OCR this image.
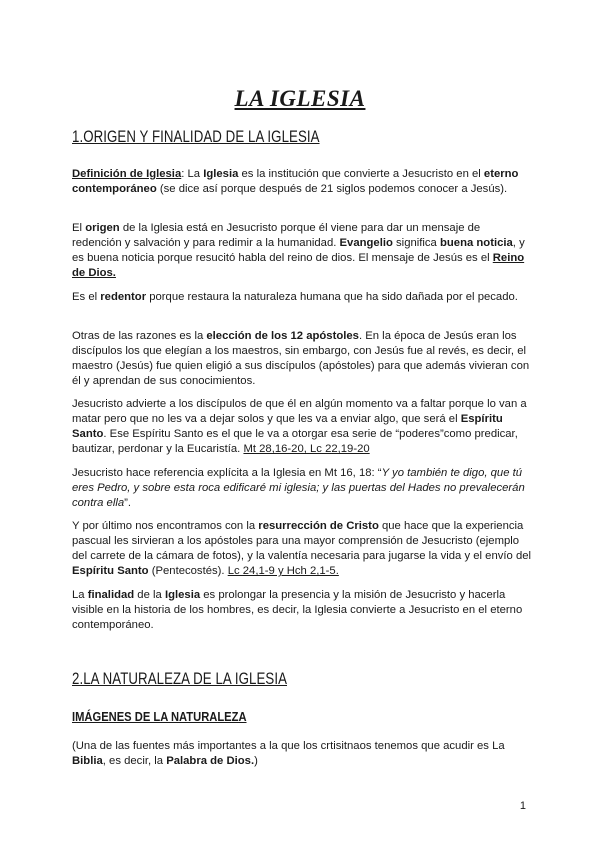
LA IGLESIA
1.ORIGEN Y FINALIDAD DE LA IGLESIA
Definición de Iglesia: La Iglesia es la institución que convierte a Jesucristo en el eterno contemporáneo (se dice así porque después de 21 siglos podemos conocer a Jesús).
El origen de la Iglesia está en Jesucristo porque él viene para dar un mensaje de redención y salvación y para redimir a la humanidad. Evangelio significa buena noticia, y es buena noticia porque resucitó habla del reino de dios. El mensaje de Jesús es el Reino de Dios.
Es el redentor porque restaura la naturaleza humana que ha sido dañada por el pecado.
Otras de las razones es la elección de los 12 apóstoles. En la época de Jesús eran los discípulos los que elegían a los maestros, sin embargo, con Jesús fue al revés, es decir, el maestro (Jesús) fue quien eligió a sus discípulos (apóstoles) para que además vivieran con él y aprendan de sus conocimientos.
Jesucristo advierte a los discípulos de que él en algún momento va a faltar porque lo van a matar pero que no les va a dejar solos y que les va a enviar algo, que será el Espíritu Santo. Ese Espíritu Santo es el que le va a otorgar esa serie de “poderes”como predicar, bautizar, perdonar y la Eucaristía. Mt 28,16-20, Lc 22,19-20
Jesucristo hace referencia explícita a la Iglesia en Mt 16, 18: “Y yo también te digo, que tú eres Pedro, y sobre esta roca edificaré mi iglesia; y las puertas del Hades no prevalecerán contra ella”.
Y por último nos encontramos con la resurrección de Cristo que hace que la experiencia pascual les sirvieran a los apóstoles para una mayor comprensión de Jesucristo (ejemplo del carrete de la cámara de fotos), y la valentía necesaria para jugarse la vida y el envío del Espíritu Santo (Pentecostés). Lc 24,1-9 y Hch 2,1-5.
La finalidad de la Iglesia es prolongar la presencia y la misión de Jesucristo y hacerla visible en la historia de los hombres, es decir, la Iglesia convierte a Jesucristo en el eterno contemporáneo.
2.LA NATURALEZA DE LA IGLESIA
IMÁGENES DE LA NATURALEZA
(Una de las fuentes más importantes a la que los crtisitnaos tenemos que acudir es La Biblia, es decir, la Palabra de Dios.)
1
